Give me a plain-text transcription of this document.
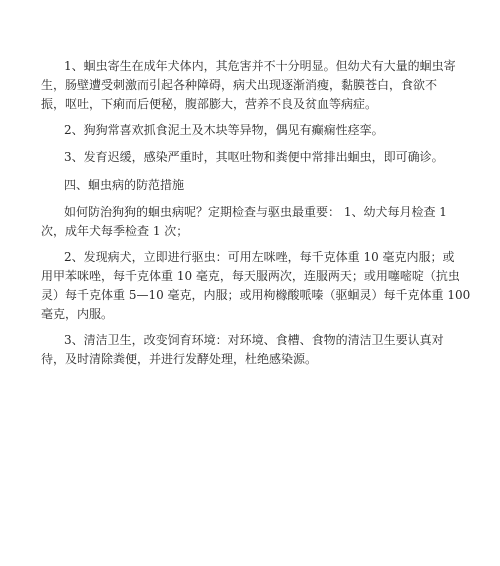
1、蛔虫寄生在成年犬体内，其危害并不十分明显。但幼犬有大量的蛔虫寄
生，肠壁遭受刺激而引起各种障碍，病犬出现逐渐消瘦，黏膜苍白，食欲不
振，呕吐，下痢而后便秘，腹部膨大，营养不良及贫血等病症。

2、狗狗常喜欢抓食泥土及木块等异物，偶见有癫痫性痉挛。

3、发育迟缓，感染严重时，其呕吐物和粪便中常排出蛔虫，即可确诊。

四、蛔虫病的防范措施

如何防治狗狗的蛔虫病呢？定期检查与驱虫最重要： 1、幼犬每月检查 1
次，成年犬每季检查 1 次；

2、发现病犬，立即进行驱虫：可用左咪唑，每千克体重 10 毫克内服；或
用甲苯咪唑，每千克体重 10 毫克，每天服两次，连服两天；或用噻嘧啶（抗虫
灵）每千克体重 5—10 毫克，内服；或用枸橼酸哌嗪（驱蛔灵）每千克体重 100
毫克，内服。

3、清洁卫生，改变饲育环境：对环境、食槽、食物的清洁卫生要认真对
待，及时清除粪便，并进行发酵处理，杜绝感染源。
